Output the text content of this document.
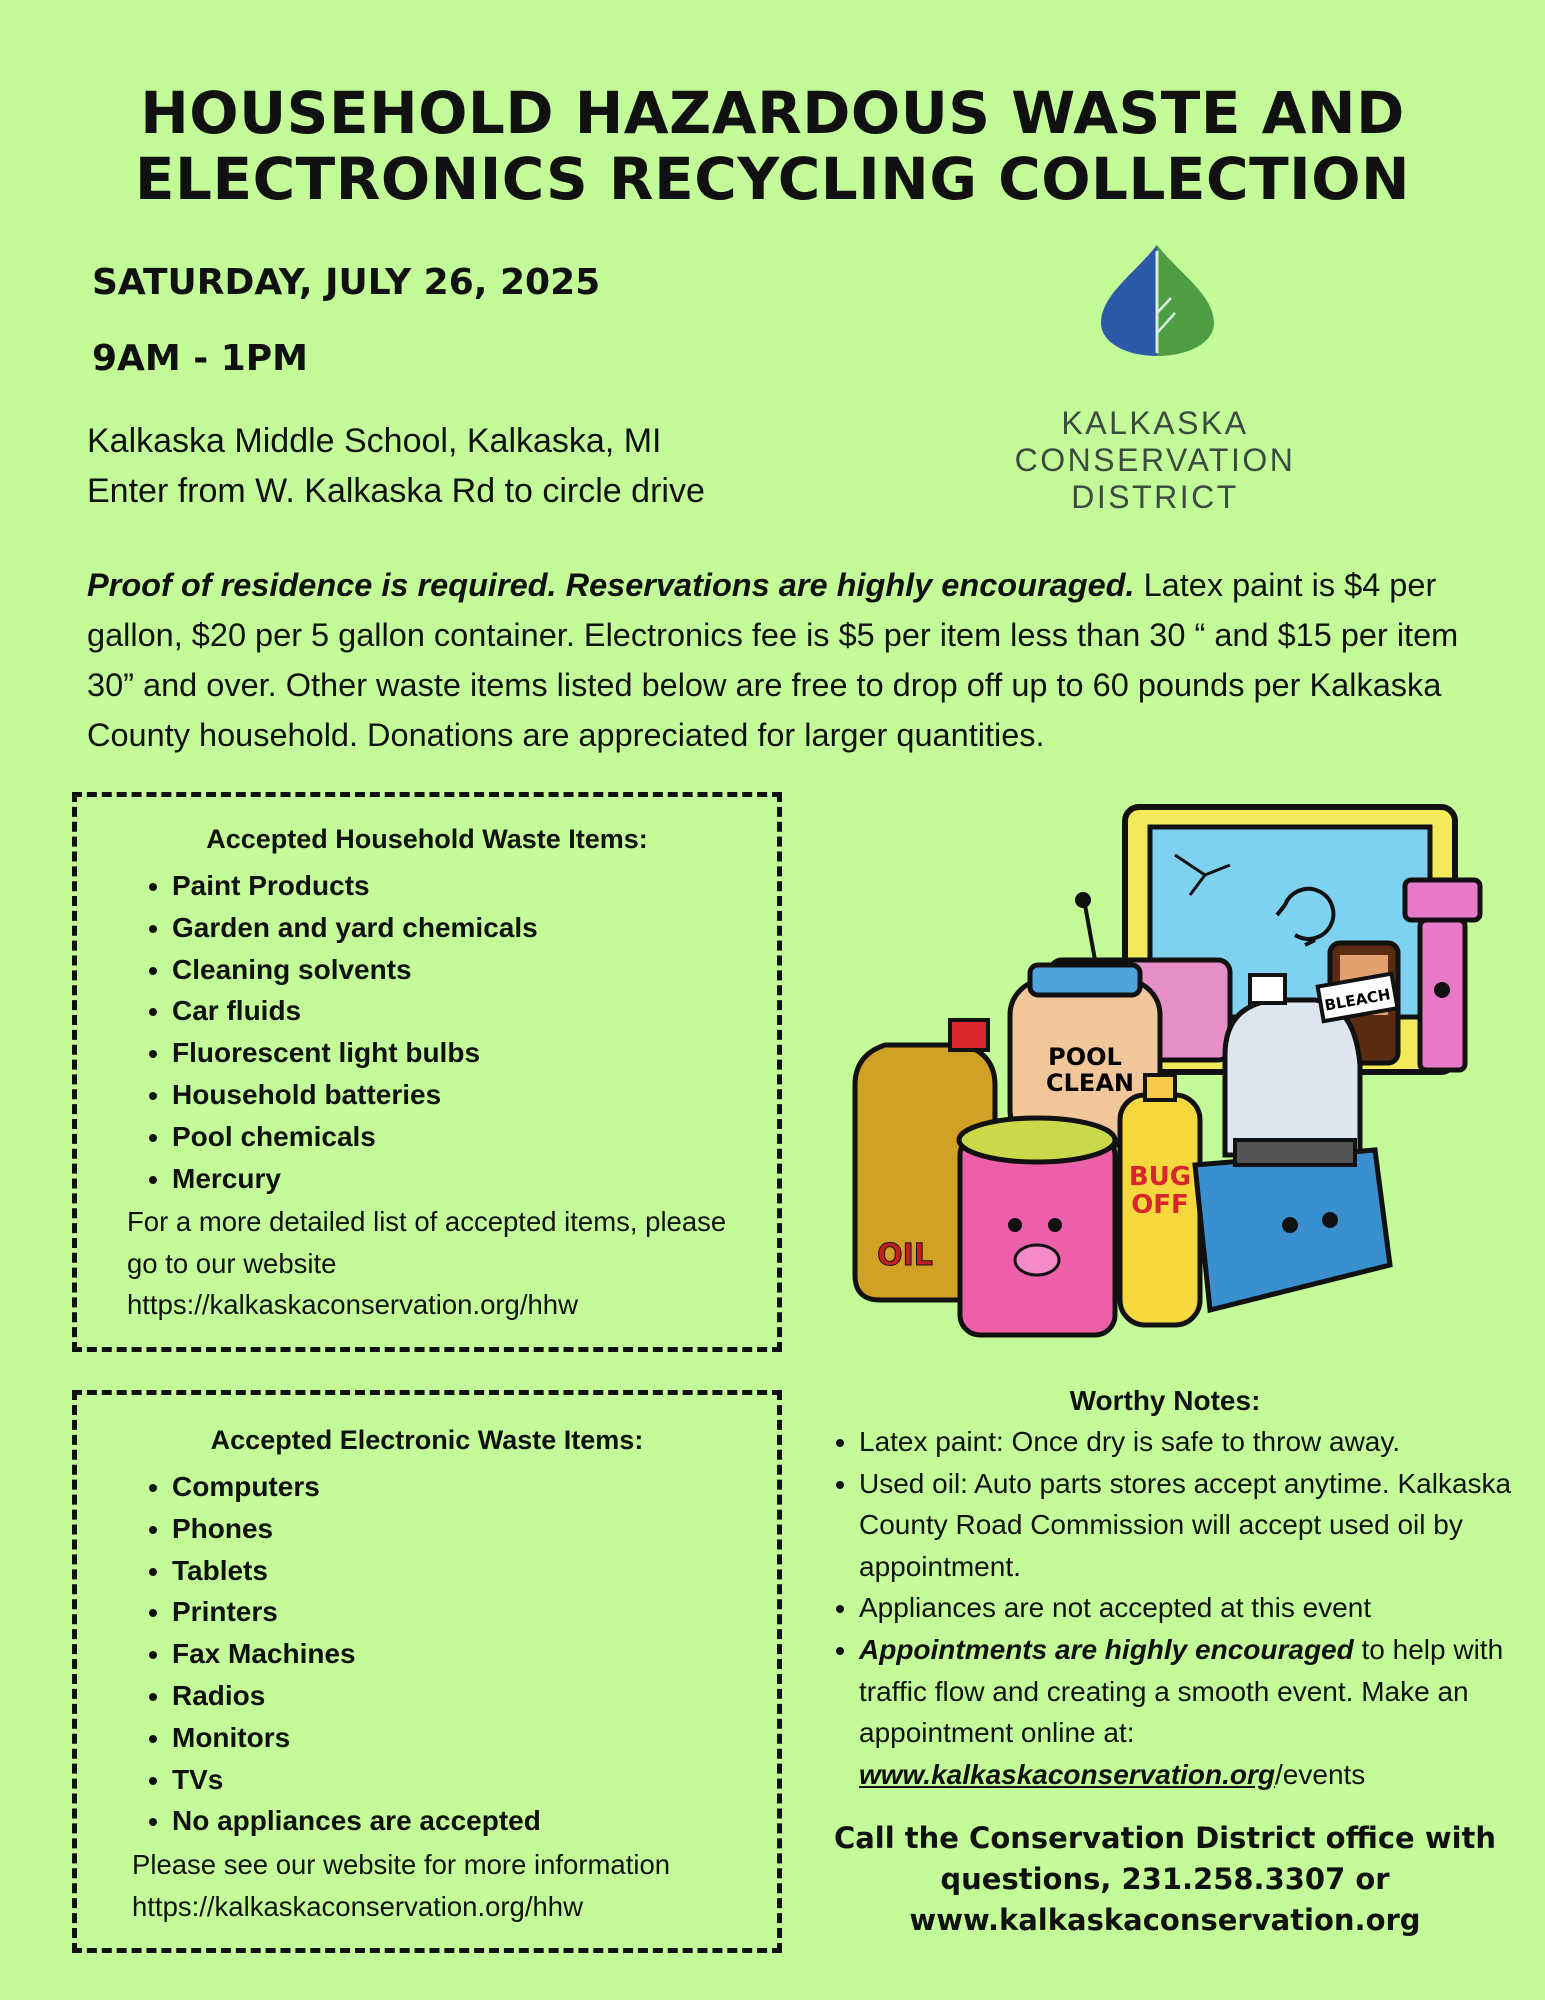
HOUSEHOLD HAZARDOUS WASTE AND
ELECTRONICS RECYCLING COLLECTION
SATURDAY, JULY 26, 2025
9AM - 1PM
Kalkaska Middle School, Kalkaska, MI
Enter from W. Kalkaska Rd to circle drive
KALKASKA
CONSERVATION
DISTRICT
Proof of residence is required. Reservations are highly encouraged. Latex paint is $4 per gallon, $20 per 5 gallon container. Electronics fee is $5 per item less than 30 “ and $15 per item 30” and over. Other waste items listed below are free to drop off up to 60 pounds per Kalkaska County household. Donations are appreciated for larger quantities.
Accepted Household Waste Items:
• Paint Products
• Garden and yard chemicals
• Cleaning solvents
• Car fluids
• Fluorescent light bulbs
• Household batteries
• Pool chemicals
• Mercury
For a more detailed list of accepted items, please
go to our website
https://kalkaskaconservation.org/hhw
Accepted Electronic Waste Items:
• Computers
• Phones
• Tablets
• Printers
• Fax Machines
• Radios
• Monitors
• TVs
• No appliances are accepted
Please see our website for more information
https://kalkaskaconservation.org/hhw
POOL
CLEAN
BLEACH
OIL
BUG
OFF
Worthy Notes:
• Latex paint: Once dry is safe to throw away.
• Used oil: Auto parts stores accept anytime. Kalkaska County Road Commission will accept used oil by appointment.
• Appliances are not accepted at this event
• Appointments are highly encouraged to help with traffic flow and creating a smooth event. Make an appointment online at:
www.kalkaskaconservation.org/events
Call the Conservation District office with
questions, 231.258.3307 or
www.kalkaskaconservation.org
